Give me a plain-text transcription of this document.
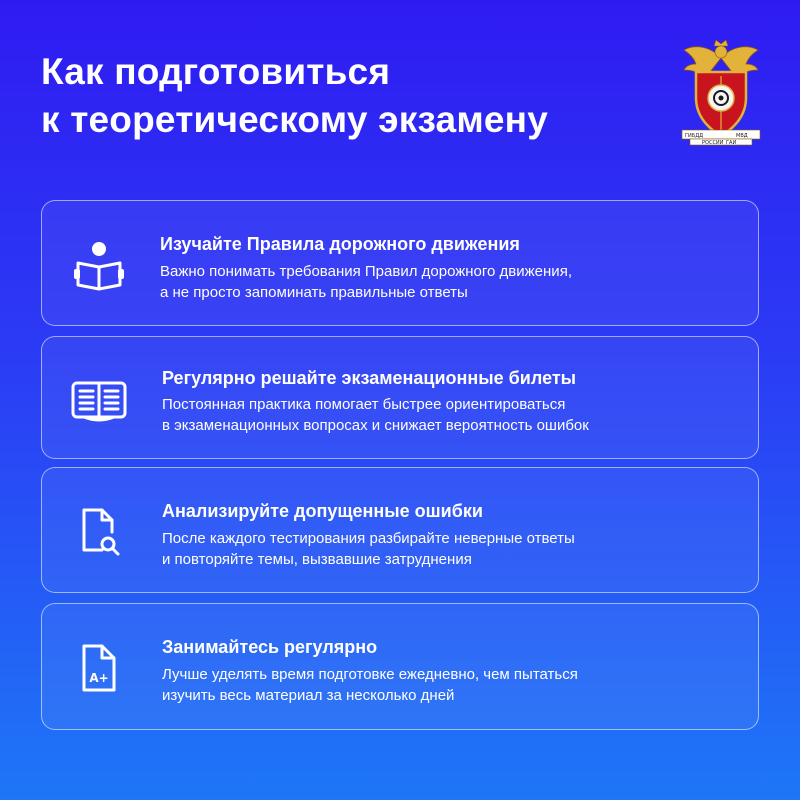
Как подготовиться
к теоретическому экзамену	ГИБДД	МВД
РОССИИ ГАИ
Изучайте Правила дорожного движения
Важно понимать требования Правил дорожного движения,
а не просто запоминать правильные ответы
Регулярно решайте экзаменационные билеты
Постоянная практика помогает быстрее ориентироваться
в экзаменационных вопросах и снижает вероятность ошибок
Анализируйте допущенные ошибки
После каждого тестирования разбирайте неверные ответы
и повторяйте темы, вызвавшие затруднения
A+
Занимайтесь регулярно
Лучше уделять время подготовке ежедневно, чем пытаться
изучить весь материал за несколько дней
